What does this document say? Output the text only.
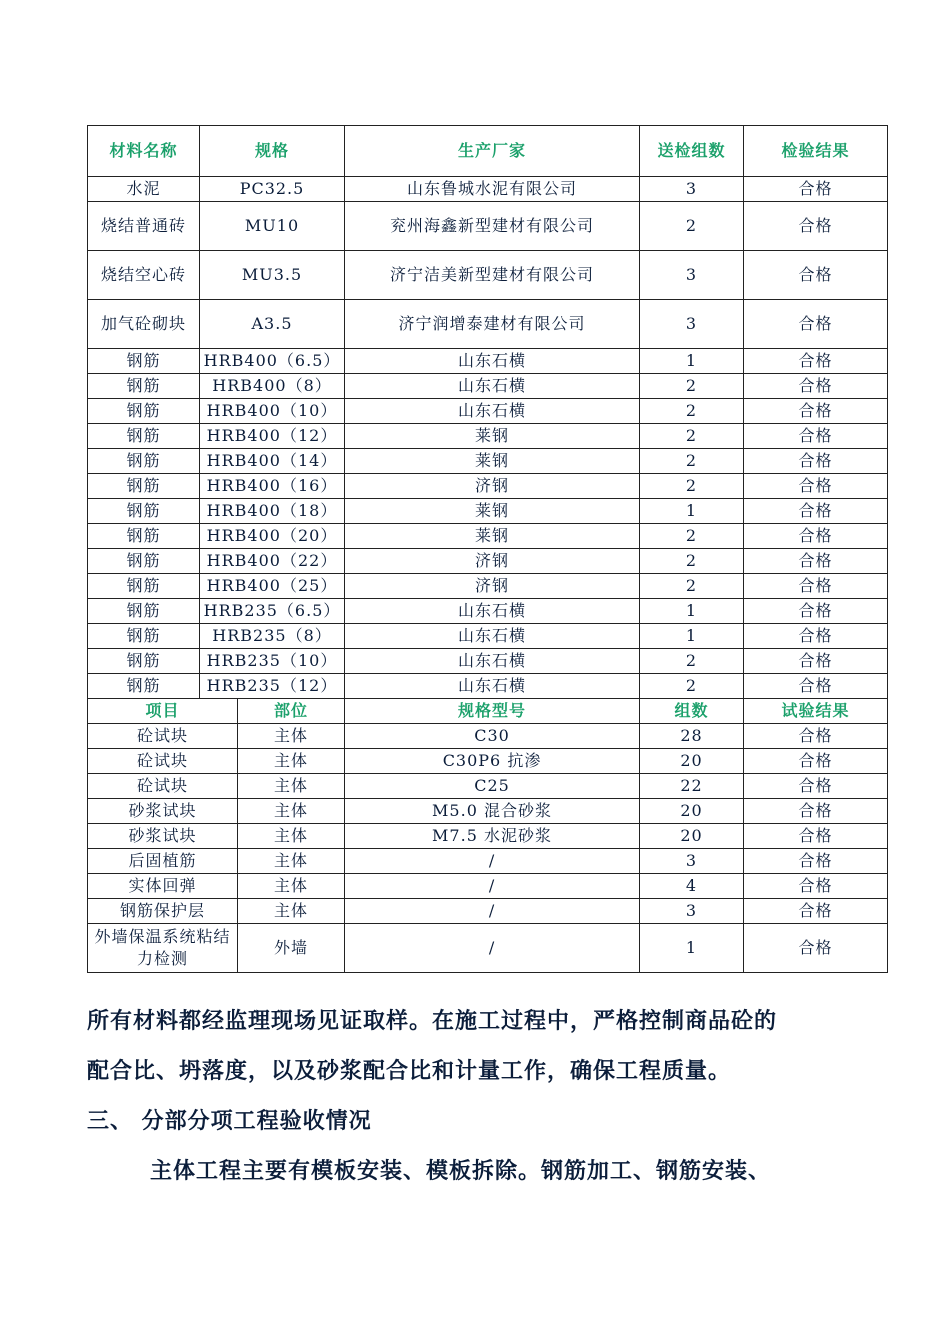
材料名称	规格		生产厂家	送检组数	检验结果
水泥	PC32.5		山东鲁城水泥有限公司	3	合格
烧结普通砖	MU10		兖州海鑫新型建材有限公司	2	合格
烧结空心砖	MU3.5		济宁洁美新型建材有限公司	3	合格
加气砼砌块	A3.5		济宁润增泰建材有限公司	3	合格
钢筋	HRB400（6.5）		山东石横	1	合格
钢筋	HRB400（8）		山东石横	2	合格
钢筋	HRB400（10）		山东石横	2	合格
钢筋	HRB400（12）		莱钢	2	合格
钢筋	HRB400（14）		莱钢	2	合格
钢筋	HRB400（16）		济钢	2	合格
钢筋	HRB400（18）		莱钢	1	合格
钢筋	HRB400（20）		莱钢	2	合格
钢筋	HRB400（22）		济钢	2	合格
钢筋	HRB400（25）		济钢	2	合格
钢筋	HRB235（6.5）		山东石横	1	合格
钢筋	HRB235（8）		山东石横	1	合格
钢筋	HRB235（10）		山东石横	2	合格
钢筋	HRB235（12）		山东石横	2	合格
项目		部位	规格型号	组数	试验结果
砼试块		主体	C30	28	合格
砼试块		主体	C30P6 抗渗	20	合格
砼试块		主体	C25	22	合格
砂浆试块		主体	M5.0 混合砂浆	20	合格
砂浆试块		主体	M7.5 水泥砂浆	20	合格
后固植筋		主体	/	3	合格
实体回弹		主体	/	4	合格
钢筋保护层		主体	/	3	合格
外墙保温系统粘结力检测		外墙	/	1	合格
所有材料都经监理现场见证取样。在施工过程中，严格控制商品砼的
配合比、坍落度，以及砂浆配合比和计量工作，确保工程质量。
三、 分部分项工程验收情况
主体工程主要有模板安装、模板拆除。钢筋加工、钢筋安装、
